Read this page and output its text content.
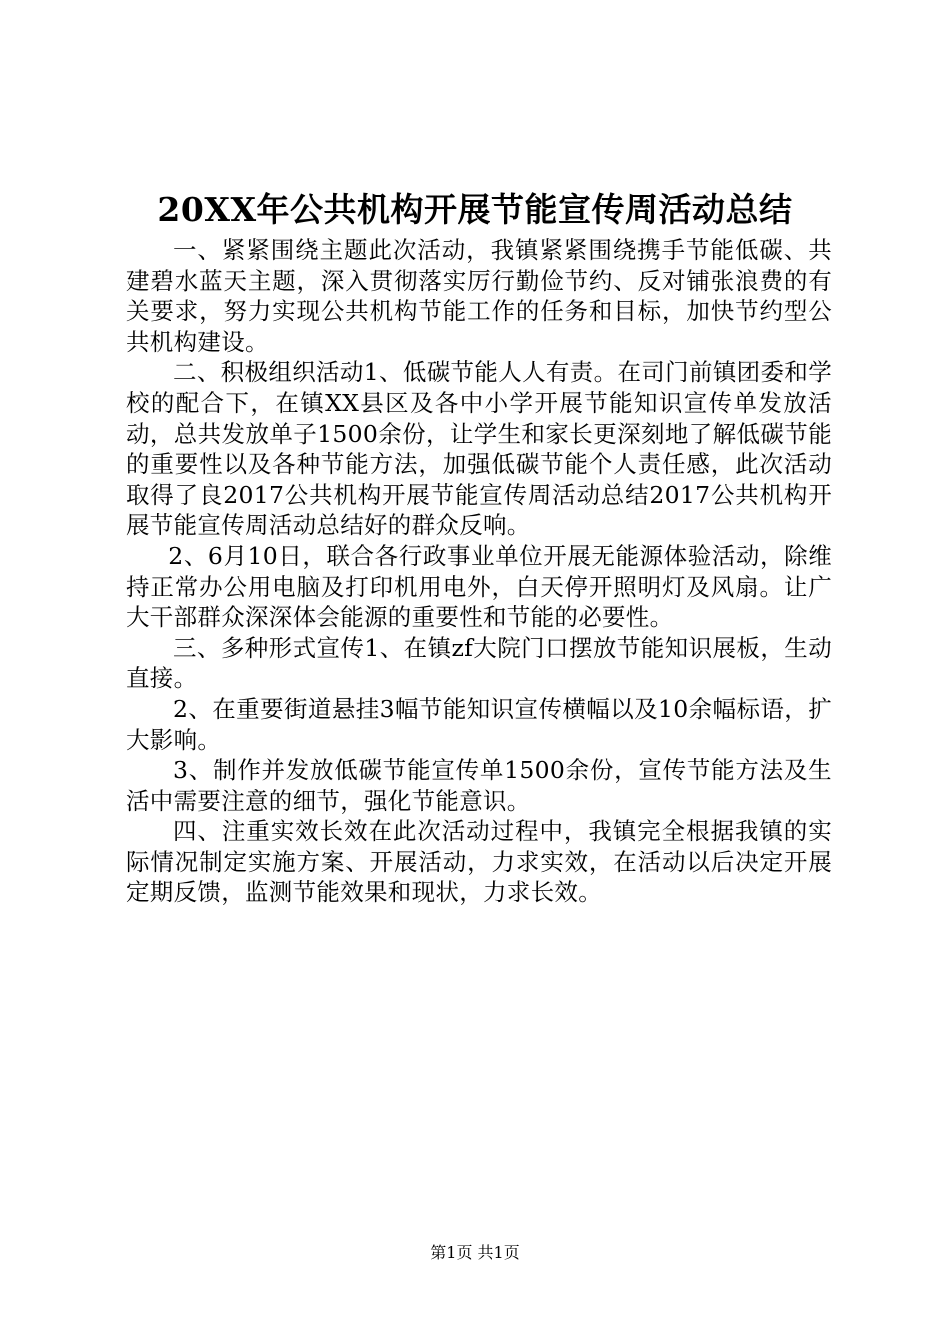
20XX年公共机构开展节能宣传周活动总结

一、紧紧围绕主题此次活动，我镇紧紧围绕携手节能低碳、共建碧水蓝天主题，深入贯彻落实厉行勤俭节约、反对铺张浪费的有关要求，努力实现公共机构节能工作的任务和目标，加快节约型公共机构建设。

二、积极组织活动1、低碳节能人人有责。在司门前镇团委和学校的配合下，在镇XX县区及各中小学开展节能知识宣传单发放活动，总共发放单子1500余份，让学生和家长更深刻地了解低碳节能的重要性以及各种节能方法，加强低碳节能个人责任感，此次活动取得了良2017公共机构开展节能宣传周活动总结2017公共机构开展节能宣传周活动总结好的群众反响。

2、6月10日，联合各行政事业单位开展无能源体验活动，除维持正常办公用电脑及打印机用电外，白天停开照明灯及风扇。让广大干部群众深深体会能源的重要性和节能的必要性。

三、多种形式宣传1、在镇zf大院门口摆放节能知识展板，生动直接。

2、在重要街道悬挂3幅节能知识宣传横幅以及10余幅标语，扩大影响。

3、制作并发放低碳节能宣传单1500余份，宣传节能方法及生活中需要注意的细节，强化节能意识。

四、注重实效长效在此次活动过程中，我镇完全根据我镇的实际情况制定实施方案、开展活动，力求实效，在活动以后决定开展定期反馈，监测节能效果和现状，力求长效。

第1页 共1页
